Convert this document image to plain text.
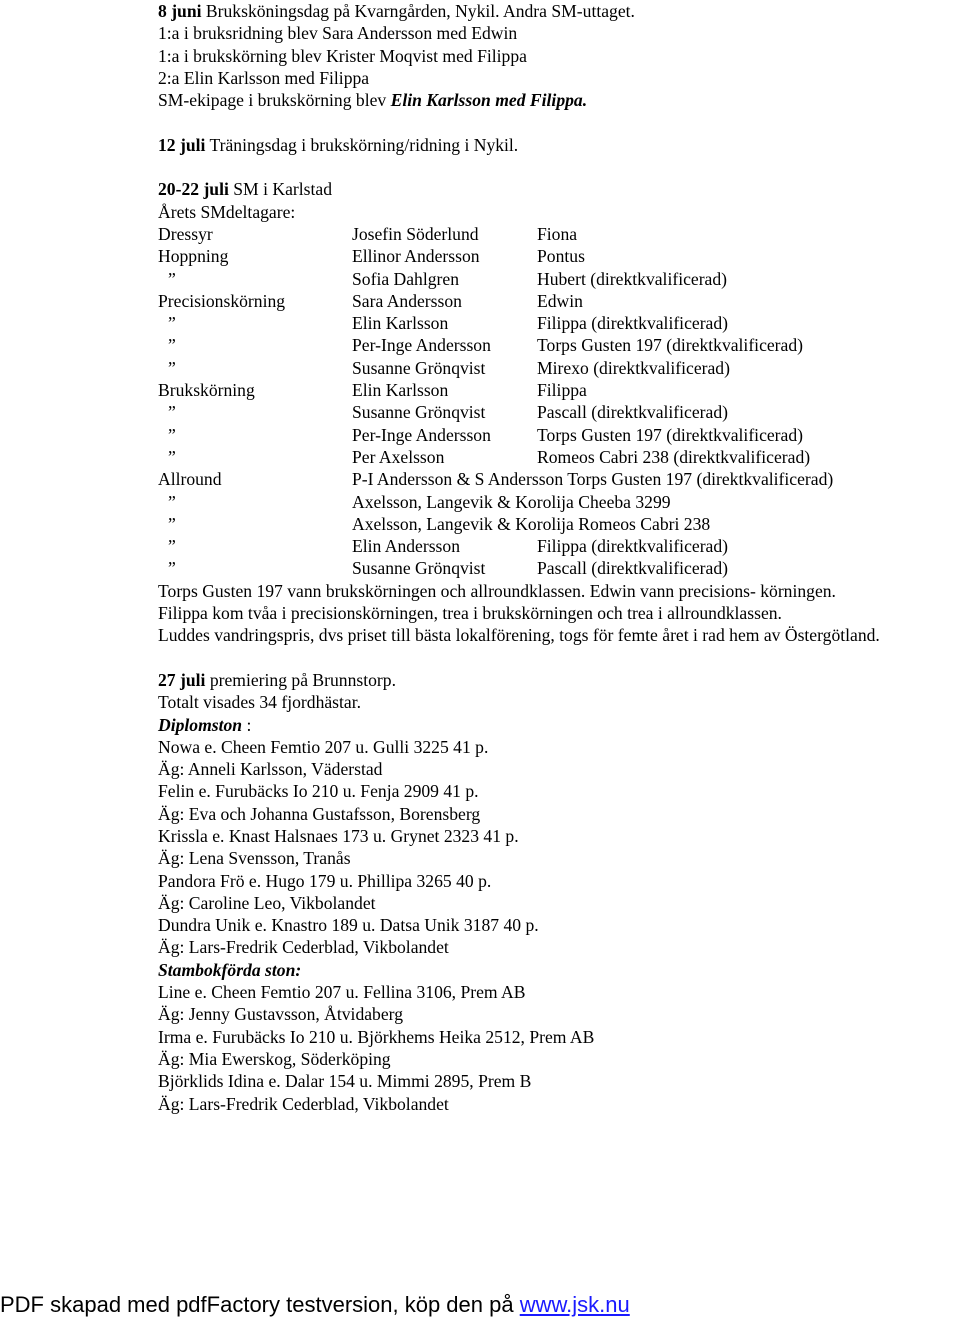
8 juni Bruksköningsdag på Kvarngården, Nykil. Andra SM-uttaget.
1:a i bruksridning blev Sara Andersson med Edwin
1:a i brukskörning blev Krister Moqvist med Filippa
2:a Elin Karlsson med Filippa
SM-ekipage i brukskörning blev Elin Karlsson med Filippa.
12 juli Träningsdag i brukskörning/ridning i Nykil.
20-22 juli SM i Karlstad
Årets SMdeltagare:
Dressyr	Josefin Söderlund	Fiona
Hoppning	Ellinor Andersson	Pontus
”	Sofia Dahlgren	Hubert (direktkvalificerad)
Precisionskörning	Sara Andersson	Edwin
”	Elin Karlsson	Filippa (direktkvalificerad)
”	Per-Inge Andersson	Torps Gusten 197 (direktkvalificerad)
”	Susanne Grönqvist	Mirexo (direktkvalificerad)
Brukskörning	Elin Karlsson	Filippa
”	Susanne Grönqvist	Pascall (direktkvalificerad)
”	Per-Inge Andersson	Torps Gusten 197 (direktkvalificerad)
”	Per Axelsson	Romeos Cabri 238 (direktkvalificerad)
Allround	P-I Andersson & S Andersson Torps Gusten 197 (direktkvalificerad)
”	Axelsson, Langevik & Korolija Cheeba 3299
”	Axelsson, Langevik & Korolija Romeos Cabri 238
”	Elin Andersson	Filippa (direktkvalificerad)
”	Susanne Grönqvist	Pascall (direktkvalificerad)
Torps Gusten 197 vann brukskörningen och allroundklassen. Edwin vann precisions- körningen.
Filippa kom tvåa i precisionskörningen, trea i brukskörningen och trea i allroundklassen.
Luddes vandringspris, dvs priset till bästa lokalförening, togs för femte året i rad hem av Östergötland.
27 juli premiering på Brunnstorp.
Totalt visades 34 fjordhästar.
Diplomston :
Nowa e. Cheen Femtio 207 u. Gulli 3225 41 p.
Äg: Anneli Karlsson, Väderstad
Felin e. Furubäcks Io 210 u. Fenja 2909 41 p.
Äg: Eva och Johanna Gustafsson, Borensberg
Krissla e. Knast Halsnaes 173 u. Grynet 2323 41 p.
Äg: Lena Svensson, Tranås
Pandora Frö e. Hugo 179 u. Phillipa 3265 40 p.
Äg: Caroline Leo, Vikbolandet
Dundra Unik e. Knastro 189 u. Datsa Unik 3187 40 p.
Äg: Lars-Fredrik Cederblad, Vikbolandet
Stambokförda ston:
Line e. Cheen Femtio 207 u. Fellina 3106, Prem AB
Äg: Jenny Gustavsson, Åtvidaberg
Irma e. Furubäcks Io 210 u. Björkhems Heika 2512, Prem AB
Äg: Mia Ewerskog, Söderköping
Björklids Idina e. Dalar 154 u. Mimmi 2895, Prem B
Äg: Lars-Fredrik Cederblad, Vikbolandet
PDF skapad med pdfFactory testversion, köp den på www.jsk.nu
